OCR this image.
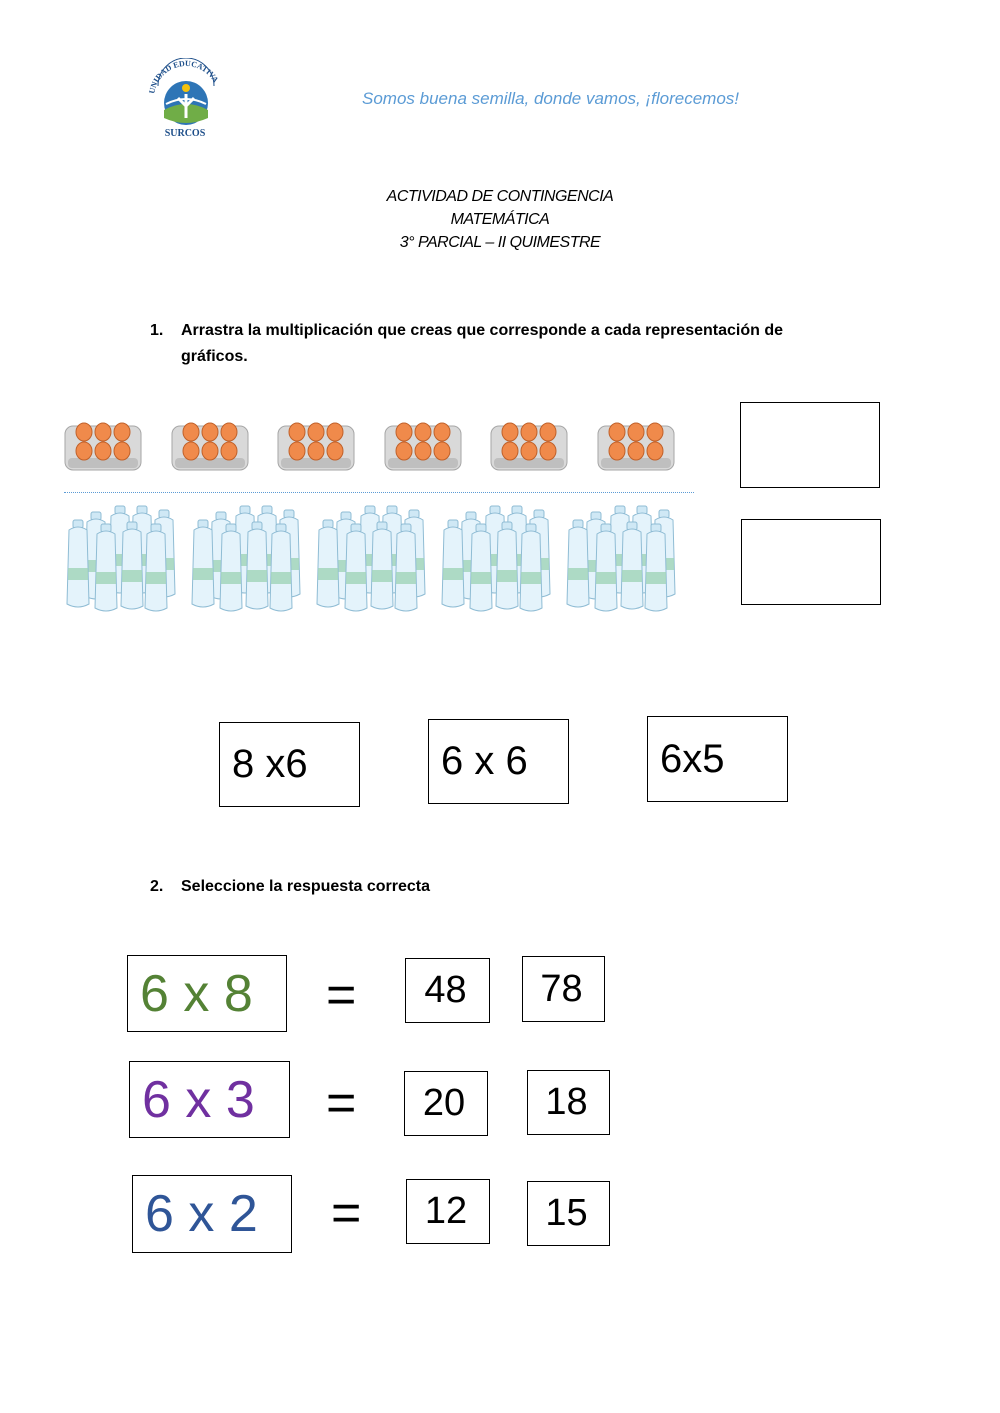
UNIDAD EDUCATIVA
SURCOS
Somos buena semilla, donde vamos, ¡florecemos!
ACTIVIDAD DE CONTINGENCIA
MATEMÁTICA
3° PARCIAL – II QUIMESTRE
1. Arrastra la multiplicación que creas que corresponde a cada representación de
gráficos.
8 x6	6 x 6	6x5
2. Seleccione la respuesta correcta
6 x 8	=	48	78
6 x 3	=	20	18
6 x 2	=	12	15
